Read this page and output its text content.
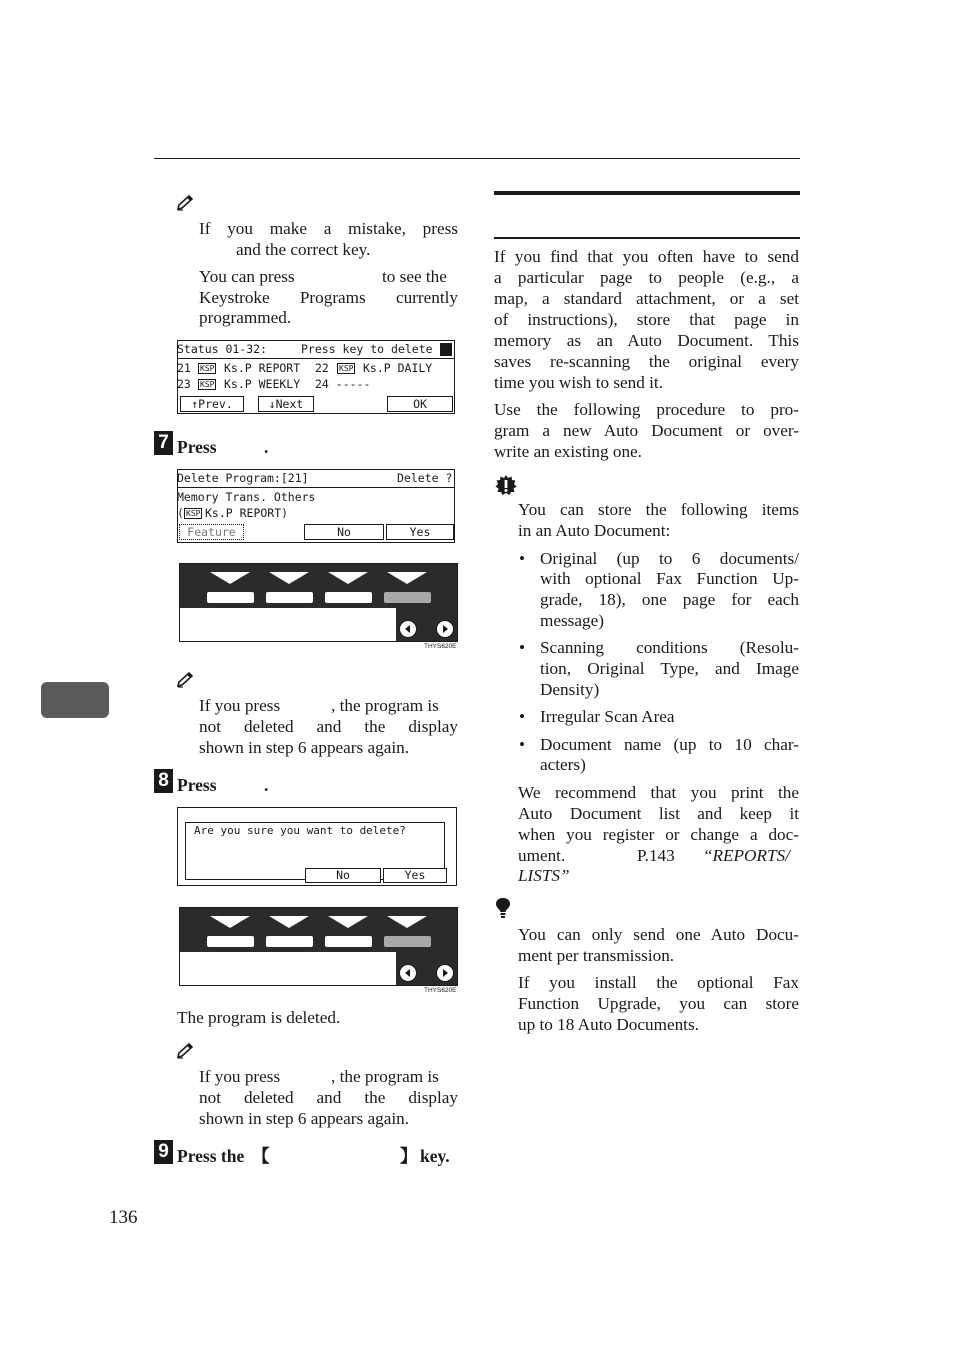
If you make a mistake, press
and the correct key.
You can press	to see the
Keystroke Programs currently
programmed.
Status 01-32:	Press key to delete
21 KSP Ks.P REPORT 22 KSP Ks.P DAILY
23 KSP Ks.P WEEKLY 24 -----
↑Prev.	↓Next	OK
7 Press	.
Delete Program:[21]	Delete ?
Memory Trans. Others
( KSP Ks.P REPORT)
Feature	No	Yes
THYS620E
If you press	, the program is
not deleted and the display
shown in step 6 appears again.
8 Press	.
Are you sure you want to delete?
No	Yes
THYS620E
The program is deleted.
If you press	, the program is
not deleted and the display
shown in step 6 appears again.
9 Press the 【	】 key.
136
If you find that you often have to send
a particular page to people (e.g., a
map, a standard attachment, or a set
of instructions), store that page in
memory as an Auto Document. This
saves re-scanning the original every
time you wish to send it.
Use the following procedure to pro-
gram a new Auto Document or over-
write an existing one.
You can store the following items
in an Auto Document:
• Original (up to 6 documents/
with optional Fax Function Up-
grade, 18), one page for each
message)
• Scanning conditions (Resolu-
tion, Original Type, and Image
Density)
• Irregular Scan Area
• Document name (up to 10 char-
acters)
We recommend that you print the
Auto Document list and keep it
when you register or change a doc-
ument.	P.143 “REPORTS/
LISTS”
You can only send one Auto Docu-
ment per transmission.
If you install the optional Fax
Function Upgrade, you can store
up to 18 Auto Documents.
